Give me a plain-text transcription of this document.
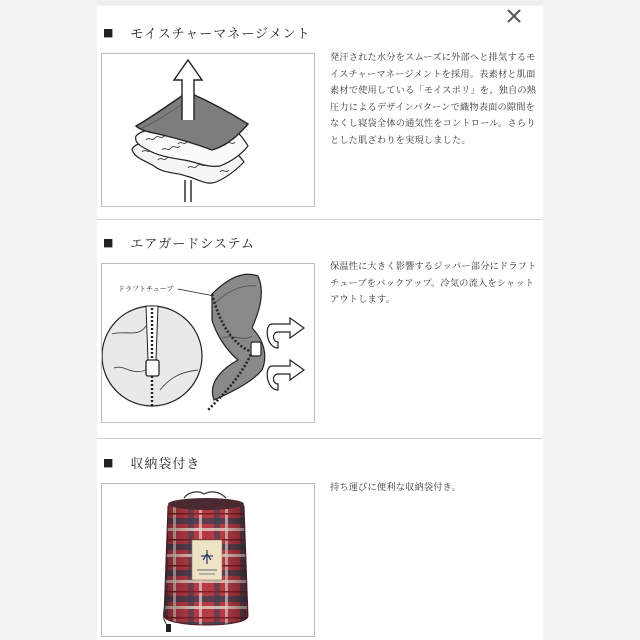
■ モイスチャーマネージメント
発汗された水分をスムーズに外部へと排気するモイスチャーマネージメントを採用。表素材と肌面素材で使用している「モイスポリ」を、独自の熱圧力によるデザインパターンで織物表面の隙間をなくし寝袋全体の通気性をコントロール。さらりとした肌ざわりを実現しました。
■ エアガードシステム
ドラフトチューブ
保温性に大きく影響するジッパー部分にドラフトチューブをバックアップ。冷気の流入をシャットアウトします。
■ 収納袋付き
持ち運びに便利な収納袋付き。
